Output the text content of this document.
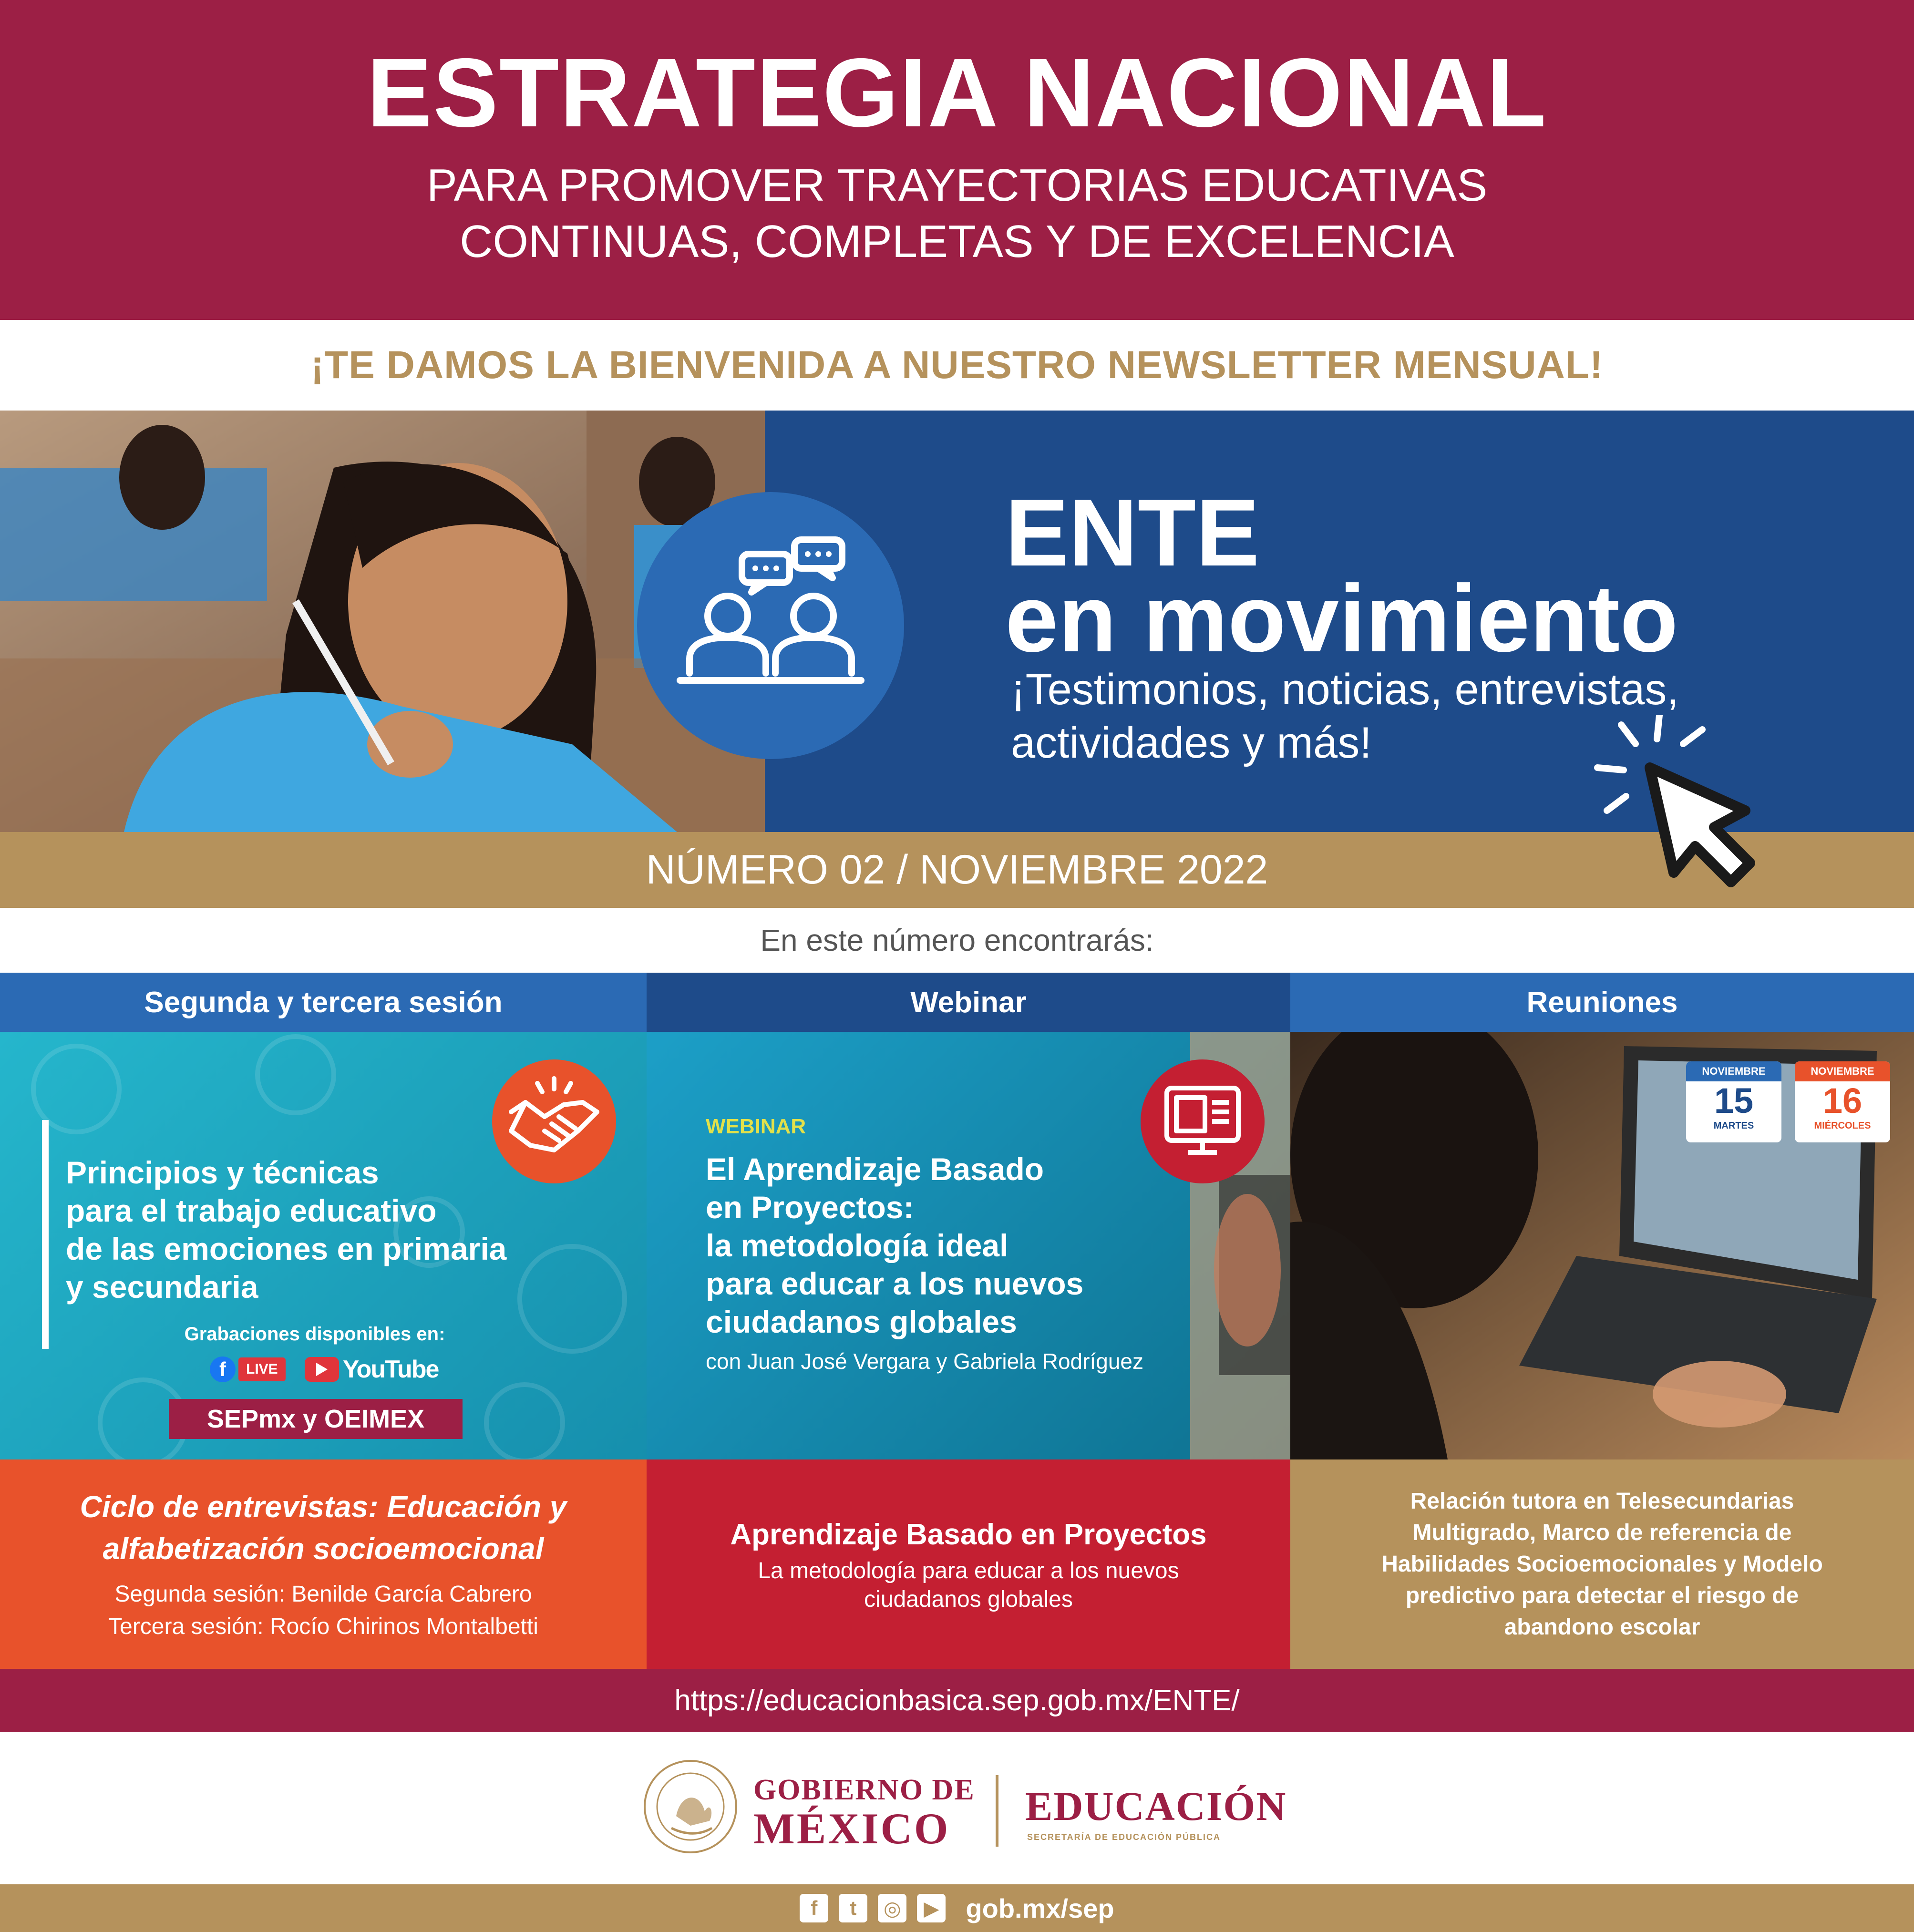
ESTRATEGIA NACIONAL
PARA PROMOVER TRAYECTORIAS EDUCATIVAS
CONTINUAS, COMPLETAS Y DE EXCELENCIA
¡TE DAMOS LA BIENVENIDA A NUESTRO NEWSLETTER MENSUAL!
ENTE
en movimiento
¡Testimonios, noticias, entrevistas,
actividades y más!
NÚMERO 02 / NOVIEMBRE 2022
En este número encontrarás:
Segunda y tercera sesión
Principios y técnicas
para el trabajo educativo
de las emociones en primaria
y secundaria
Grabaciones disponibles en:
f	LIVE	YouTube
SEPmx y OEIMEX
Ciclo de entrevistas: Educación y
alfabetización socioemocional
Segunda sesión: Benilde García Cabrero
Tercera sesión: Rocío Chirinos Montalbetti
Webinar
WEBINAR
El Aprendizaje Basado
en Proyectos:
la metodología ideal
para educar a los nuevos
ciudadanos globales
con Juan José Vergara y Gabriela Rodríguez
Aprendizaje Basado en Proyectos
La metodología para educar a los nuevos
ciudadanos globales
Reuniones
NOVIEMBRE
15
MARTES
NOVIEMBRE
16
MIÉRCOLES
Relación tutora en Telesecundarias
Multigrado, Marco de referencia de
Habilidades Socioemocionales y Modelo
predictivo para detectar el riesgo de
abandono escolar
https://educacionbasica.sep.gob.mx/ENTE/
GOBIERNO DE
MÉXICO EDUCACIÓN
SECRETARÍA DE EDUCACIÓN PÚBLICA
f	t	◎	▶ gob.mx/sep
